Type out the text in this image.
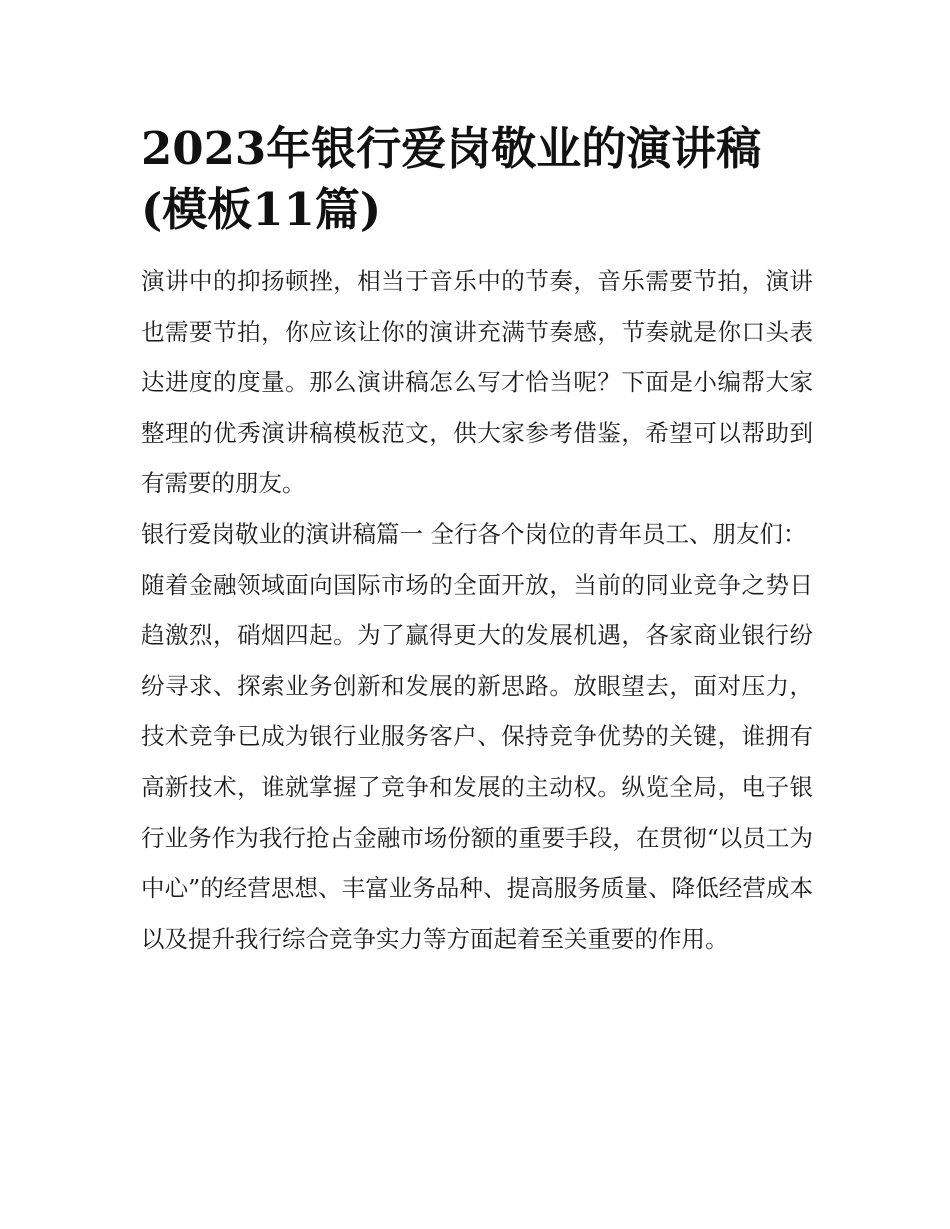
2023年银行爱岗敬业的演讲稿(模板11篇)

演讲中的抑扬顿挫，相当于音乐中的节奏，音乐需要节拍，演讲也需要节拍，你应该让你的演讲充满节奏感，节奏就是你口头表达进度的度量。那么演讲稿怎么写才恰当呢？下面是小编帮大家整理的优秀演讲稿模板范文，供大家参考借鉴，希望可以帮助到有需要的朋友。

银行爱岗敬业的演讲稿篇一 全行各个岗位的青年员工、朋友们：

随着金融领域面向国际市场的全面开放，当前的同业竞争之势日趋激烈，硝烟四起。为了赢得更大的发展机遇，各家商业银行纷纷寻求、探索业务创新和发展的新思路。放眼望去，面对压力，技术竞争已成为银行业服务客户、保持竞争优势的关键，谁拥有高新技术，谁就掌握了竞争和发展的主动权。纵览全局，电子银行业务作为我行抢占金融市场份额的重要手段，在贯彻“以员工为中心”的经营思想、丰富业务品种、提高服务质量、降低经营成本以及提升我行综合竞争实力等方面起着至关重要的作用。
